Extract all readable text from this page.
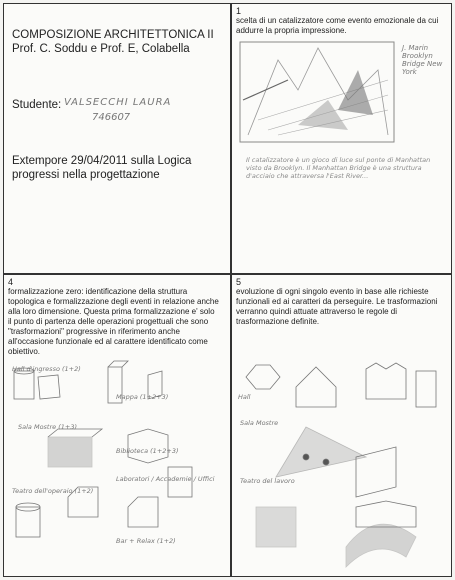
COMPOSIZIONE ARCHITETTONICA II
Prof. C. Soddu e Prof. E, Colabella
Studente: VALSECCHI LAURA
746607
Extempore 29/04/2011 sulla Logica
progressi nella progettazione
1
scelta di un catalizzatore come evento emozionale da cui addurre la propria impressione.
J. Marin Brooklyn Bridge New York
Il catalizzatore è un gioco di luce sul ponte di Manhattan visto da Brooklyn. Il Manhattan Bridge è una struttura d'acciaio che attraversa l'East River...
4
formalizzazione zero: identificazione della struttura topologica e formalizzazione degli eventi in relazione anche alla loro dimensione. Questa prima formalizzazione e' solo il punto di partenza delle operazioni progettuali che sono "trasformazioni" progressive in riferimento anche all'occasione funzionale ed al carattere identificato come obiettivo.
Hall d'ingresso (1+2)
Mappa (1+2+3)
Sala Mostre (1+3)
Biblioteca (1+2+3)
Teatro dell'operaio (1+2)
Laboratori / Accademie / Uffici
Bar + Relax (1+2)
5
evoluzione di ogni singolo evento in base alle richieste funzionali ed ai caratteri da perseguire. Le trasformazioni verranno quindi attuate attraverso le regole di trasformazione definite.
Hall
Sala Mostre
Teatro del lavoro
